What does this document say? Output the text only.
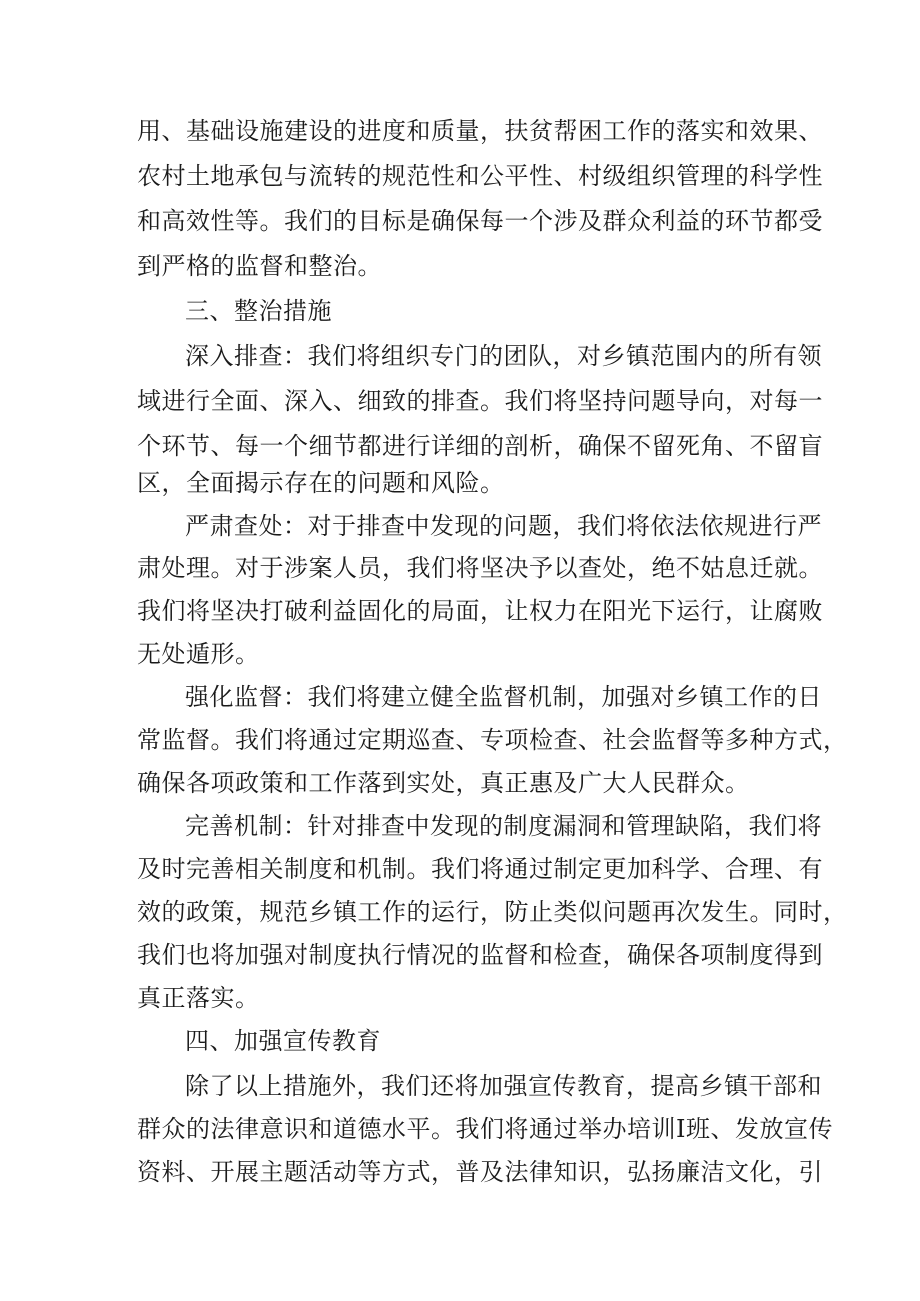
用、基础设施建设的进度和质量，扶贫帮困工作的落实和效果、
农村土地承包与流转的规范性和公平性、村级组织管理的科学性
和高效性等。我们的目标是确保每一个涉及群众利益的环节都受
到严格的监督和整治。
三、整治措施
深入排查：我们将组织专门的团队，对乡镇范围内的所有领
域进行全面、深入、细致的排查。我们将坚持问题导向，对每一
个环节、每一个细节都进行详细的剖析，确保不留死角、不留盲
区，全面揭示存在的问题和风险。
严肃查处：对于排查中发现的问题，我们将依法依规进行严
肃处理。对于涉案人员，我们将坚决予以查处，绝不姑息迁就。
我们将坚决打破利益固化的局面，让权力在阳光下运行，让腐败
无处遁形。
强化监督：我们将建立健全监督机制，加强对乡镇工作的日
常监督。我们将通过定期巡查、专项检查、社会监督等多种方式，
确保各项政策和工作落到实处，真正惠及广大人民群众。
完善机制：针对排查中发现的制度漏洞和管理缺陷，我们将
及时完善相关制度和机制。我们将通过制定更加科学、合理、有
效的政策，规范乡镇工作的运行，防止类似问题再次发生。同时，
我们也将加强对制度执行情况的监督和检查，确保各项制度得到
真正落实。
四、加强宣传教育
除了以上措施外，我们还将加强宣传教育，提高乡镇干部和
群众的法律意识和道德水平。我们将通过举办培训I班、发放宣传
资料、开展主题活动等方式，普及法律知识，弘扬廉洁文化，引
